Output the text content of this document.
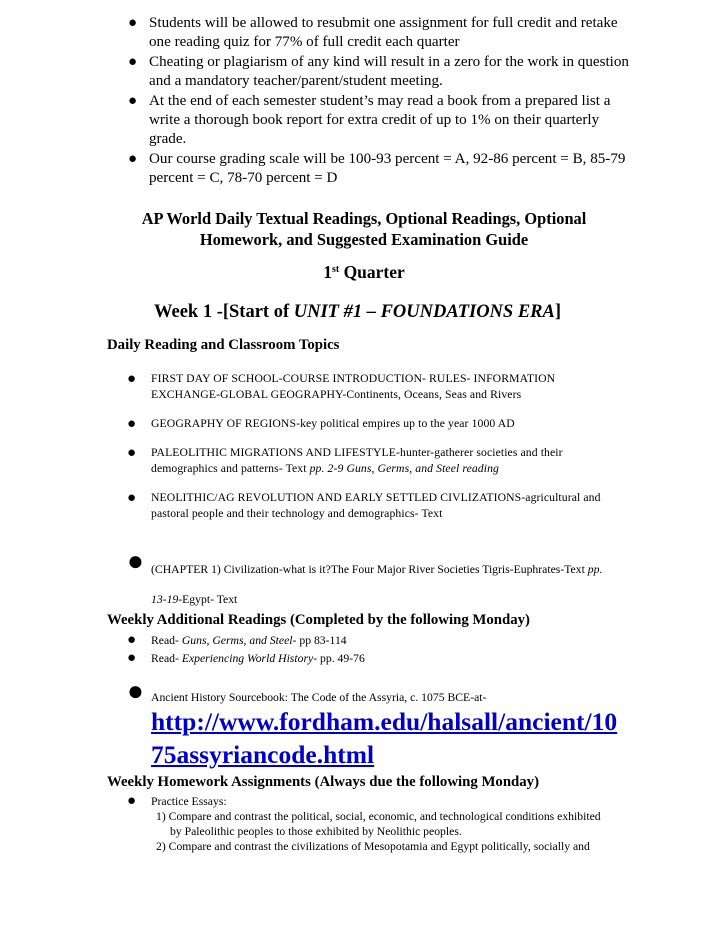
● Students will be allowed to resubmit one assignment for full credit and retake one reading quiz for 77% of full credit each quarter
● Cheating or plagiarism of any kind will result in a zero for the work in question and a mandatory teacher/parent/student meeting.
● At the end of each semester student’s may read a book from a prepared list a write a thorough book report for extra credit of up to 1% on their quarterly grade.
● Our course grading scale will be 100-93 percent = A, 92-86 percent = B, 85-79 percent = C, 78-70 percent = D
AP World Daily Textual Readings, Optional Readings, Optional Homework, and Suggested Examination Guide
1st Quarter
Week 1 -[Start of UNIT #1 – FOUNDATIONS ERA]
Daily Reading and Classroom Topics
● FIRST DAY OF SCHOOL-COURSE INTRODUCTION- RULES- INFORMATION EXCHANGE-GLOBAL GEOGRAPHY-Continents, Oceans, Seas and Rivers
● GEOGRAPHY OF REGIONS-key political empires up to the year 1000 AD
● PALEOLITHIC MIGRATIONS AND LIFESTYLE-hunter-gatherer societies and their demographics and patterns- Text pp. 2-9 Guns, Germs, and Steel reading
● NEOLITHIC/AG REVOLUTION AND EARLY SETTLED CIVLIZATIONS-agricultural and pastoral people and their technology and demographics- Text
● (CHAPTER 1) Civilization-what is it?The Four Major River Societies Tigris-Euphrates-Text pp.
13-19-Egypt- Text
Weekly Additional Readings (Completed by the following Monday)
● Read- Guns, Germs, and Steel- pp 83-114
● Read- Experiencing World History- pp. 49-76
● Ancient History Sourcebook: The Code of the Assyria, c. 1075 BCE-at-
http://www.fordham.edu/halsall/ancient/1075assyriancode.html
Weekly Homework Assignments (Always due the following Monday)
● Practice Essays:
1) Compare and contrast the political, social, economic, and technological conditions exhibited
by Paleolithic peoples to those exhibited by Neolithic peoples.
2) Compare and contrast the civilizations of Mesopotamia and Egypt politically, socially and
